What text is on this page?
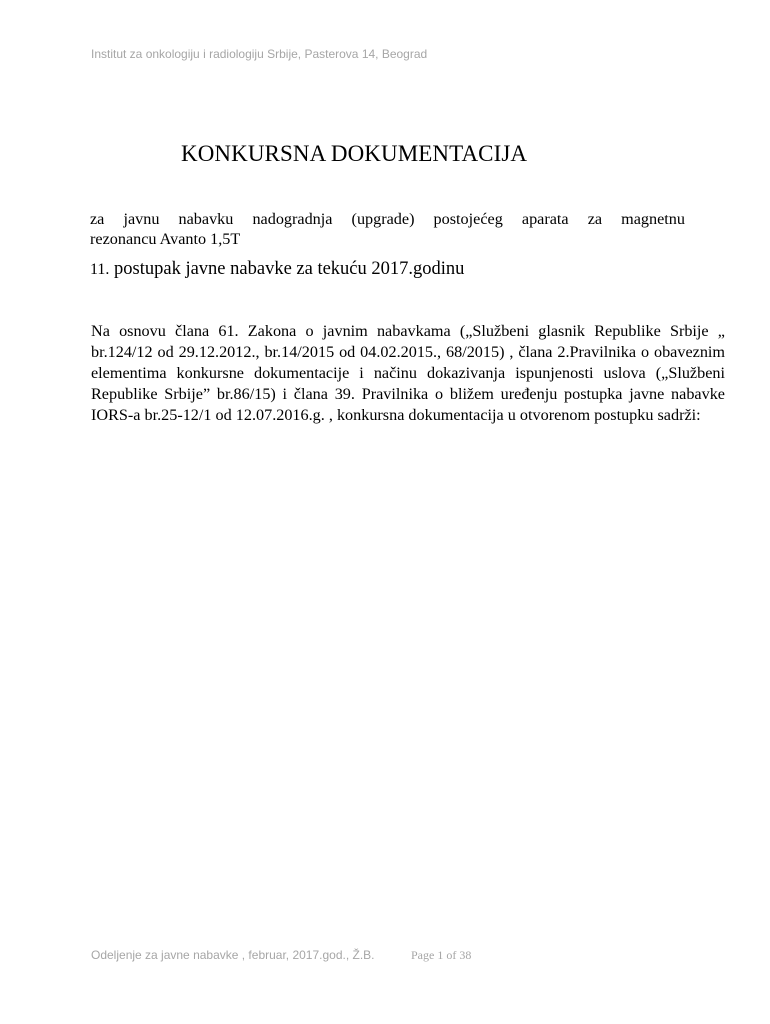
Institut za onkologiju i radiologiju Srbije, Pasterova 14, Beograd
KONKURSNA DOKUMENTACIJA
za javnu nabavku nadogradnja (upgrade) postojećeg aparata za magnetnu
rezonancu Avanto 1,5T
11. postupak javne nabavke za tekuću 2017.godinu
Na osnovu člana 61. Zakona o javnim nabavkama („Službeni glasnik Republike Srbije „ br.124/12 od 29.12.2012., br.14/2015 od 04.02.2015., 68/2015) , člana 2.Pravilnika o obaveznim elementima konkursne dokumentacije i načinu dokazivanja ispunjenosti uslova („Službeni Republike Srbije” br.86/15) i člana 39. Pravilnika o bližem uređenju postupka javne nabavke IORS-a br.25-12/1 od 12.07.2016.g. , konkursna dokumentacija u otvorenom postupku sadrži:
Odeljenje za javne nabavke , februar, 2017.god., Ž.B.	Page 1 of 38
